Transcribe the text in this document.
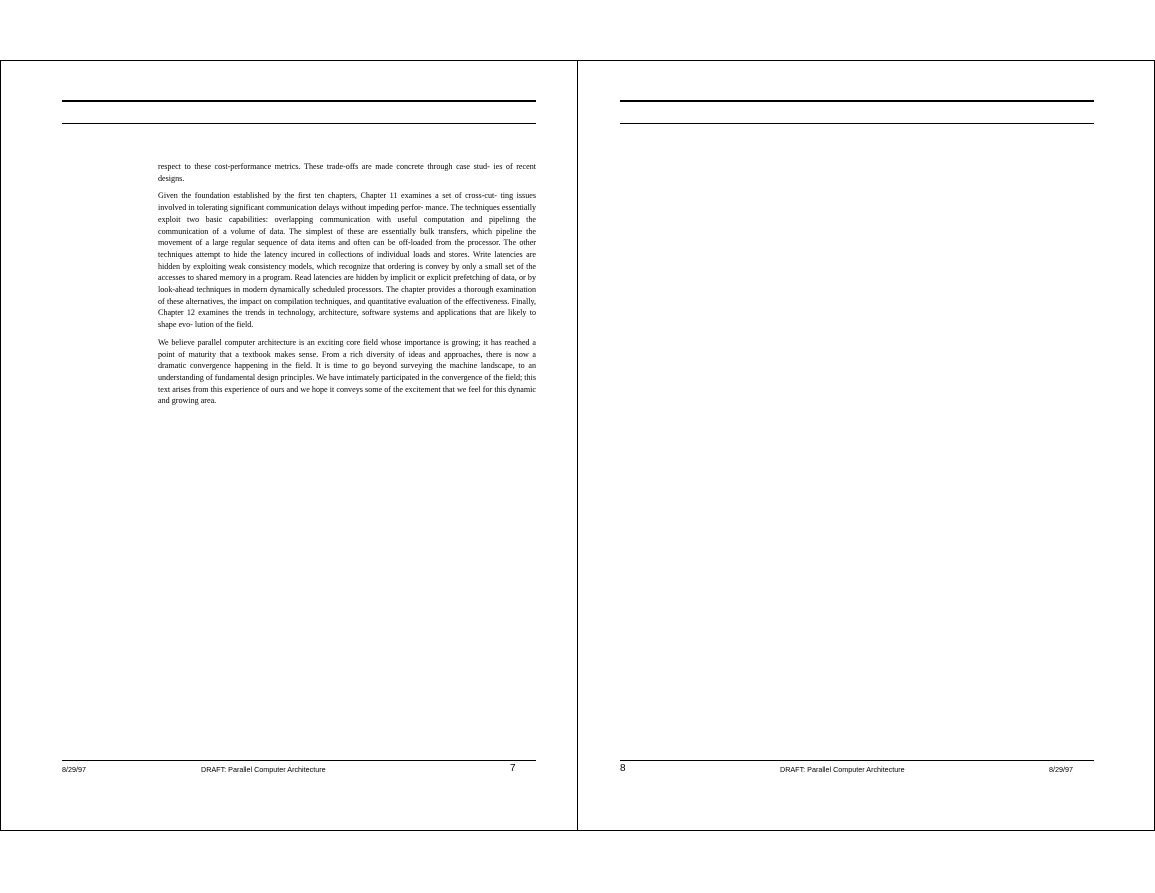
respect to these cost-performance metrics. These trade-offs are made concrete through case stud- ies of recent designs.

Given the foundation established by the first ten chapters, Chapter 11 examines a set of cross-cut- ting issues involved in tolerating significant communication delays without impeding perfor- mance. The techniques essentially exploit two basic capabilities: overlapping communication with useful computation and pipelinng the communication of a volume of data. The simplest of these are essentially bulk transfers, which pipeline the movement of a large regular sequence of data items and often can be off-loaded from the processor. The other techniques attempt to hide the latency incured in collections of individual loads and stores. Write latencies are hidden by exploiting weak consistency models, which recognize that ordering is convey by only a small set of the accesses to shared memory in a program. Read latencies are hidden by implicit or explicit prefetching of data, or by look-ahead techniques in modern dynamically scheduled processors. The chapter provides a thorough examination of these alternatives, the impact on compilation techniques, and quantitative evaluation of the effectiveness. Finally, Chapter 12 examines the trends in technology, architecture, software systems and applications that are likely to shape evo- lution of the field.

We believe parallel computer architecture is an exciting core field whose importance is growing; it has reached a point of maturity that a textbook makes sense. From a rich diversity of ideas and approaches, there is now a dramatic convergence happening in the field. It is time to go beyond surveying the machine landscape, to an understanding of fundamental design principles. We have intimately participated in the convergence of the field; this text arises from this experience of ours and we hope it conveys some of the excitement that we feel for this dynamic and growing area.

8/29/97	DRAFT: Parallel Computer Architecture	7	8	DRAFT: Parallel Computer Architecture	8/29/97
